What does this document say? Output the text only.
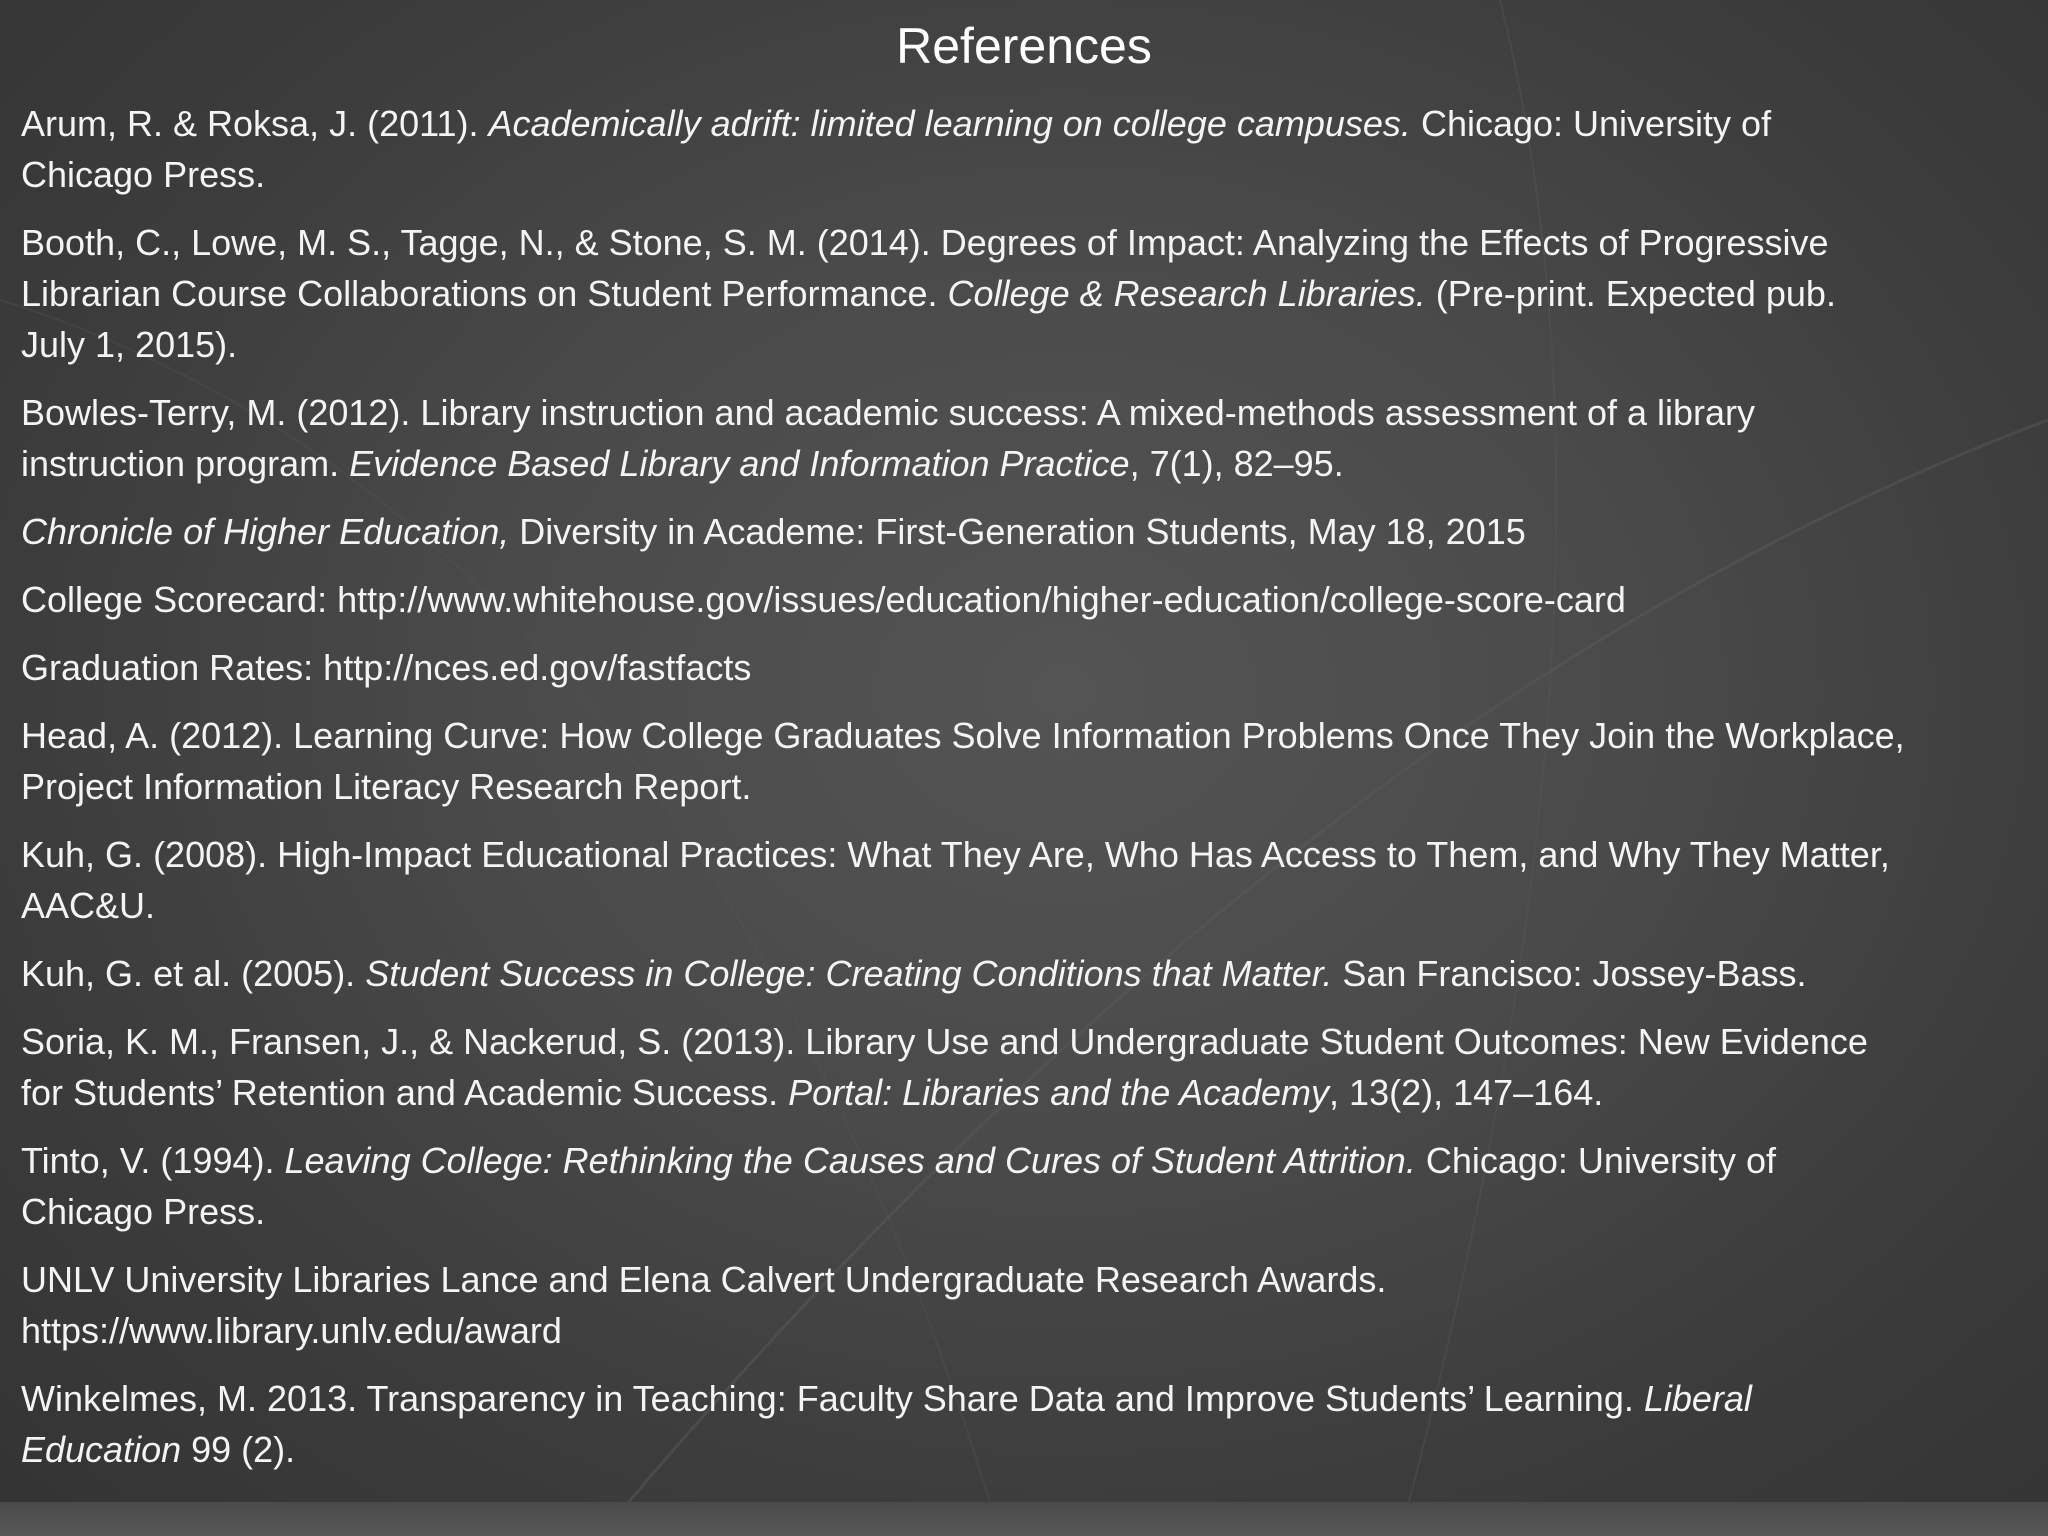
References
Arum, R. & Roksa, J. (2011). Academically adrift: limited learning on college campuses. Chicago: University of
Chicago Press.
Booth, C., Lowe, M. S., Tagge, N., & Stone, S. M. (2014). Degrees of Impact: Analyzing the Effects of Progressive
Librarian Course Collaborations on Student Performance. College & Research Libraries. (Pre-print. Expected pub.
July 1, 2015).
Bowles-Terry, M. (2012). Library instruction and academic success: A mixed-methods assessment of a library
instruction program. Evidence Based Library and Information Practice, 7(1), 82–95.
Chronicle of Higher Education, Diversity in Academe: First-Generation Students, May 18, 2015
College Scorecard: http://www.whitehouse.gov/issues/education/higher-education/college-score-card
Graduation Rates: http://nces.ed.gov/fastfacts
Head, A. (2012). Learning Curve: How College Graduates Solve Information Problems Once They Join the Workplace,
Project Information Literacy Research Report.
Kuh, G. (2008). High-Impact Educational Practices: What They Are, Who Has Access to Them, and Why They Matter,
AAC&U.
Kuh, G. et al. (2005). Student Success in College: Creating Conditions that Matter. San Francisco: Jossey-Bass.
Soria, K. M., Fransen, J., & Nackerud, S. (2013). Library Use and Undergraduate Student Outcomes: New Evidence
for Students’ Retention and Academic Success. Portal: Libraries and the Academy, 13(2), 147–164.
Tinto, V. (1994). Leaving College: Rethinking the Causes and Cures of Student Attrition. Chicago: University of
Chicago Press.
UNLV University Libraries Lance and Elena Calvert Undergraduate Research Awards.
https://www.library.unlv.edu/award
Winkelmes, M. 2013. Transparency in Teaching: Faculty Share Data and Improve Students’ Learning. Liberal
Education 99 (2).
